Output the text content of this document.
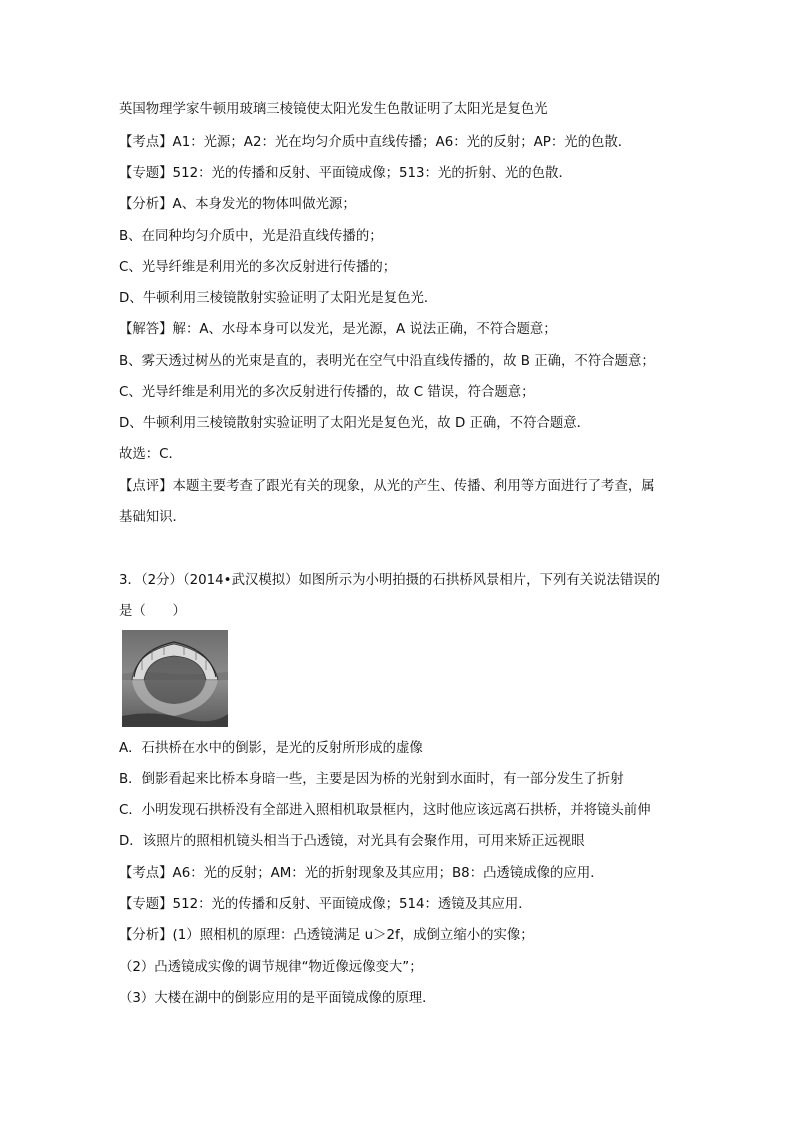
英国物理学家牛顿用玻璃三棱镜使太阳光发生色散证明了太阳光是复色光
【考点】A1：光源；A2：光在均匀介质中直线传播；A6：光的反射；AP：光的色散．
【专题】512：光的传播和反射、平面镜成像；513：光的折射、光的色散．
【分析】A、本身发光的物体叫做光源；
B、在同种均匀介质中，光是沿直线传播的；
C、光导纤维是利用光的多次反射进行传播的；
D、牛顿利用三棱镜散射实验证明了太阳光是复色光．
【解答】解：A、水母本身可以发光，是光源，A 说法正确，不符合题意；
B、雾天透过树丛的光束是直的，表明光在空气中沿直线传播的，故 B 正确，不符合题意；
C、光导纤维是利用光的多次反射进行传播的，故 C 错误，符合题意；
D、牛顿利用三棱镜散射实验证明了太阳光是复色光，故 D 正确，不符合题意．
故选：C．
【点评】本题主要考查了跟光有关的现象，从光的产生、传播、利用等方面进行了考查，属
基础知识．
3．（2分）（2014•武汉模拟）如图所示为小明拍摄的石拱桥风景相片，下列有关说法错误的
是（　　）
A．石拱桥在水中的倒影，是光的反射所形成的虚像
B．倒影看起来比桥本身暗一些，主要是因为桥的光射到水面时，有一部分发生了折射
C．小明发现石拱桥没有全部进入照相机取景框内，这时他应该远离石拱桥，并将镜头前伸
D．该照片的照相机镜头相当于凸透镜，对光具有会聚作用，可用来矫正远视眼
【考点】A6：光的反射；AM：光的折射现象及其应用；B8：凸透镜成像的应用．
【专题】512：光的传播和反射、平面镜成像；514：透镜及其应用．
【分析】(1）照相机的原理：凸透镜满足 u＞2f，成倒立缩小的实像；
（2）凸透镜成实像的调节规律“物近像远像变大”；
（3）大楼在湖中的倒影应用的是平面镜成像的原理．
